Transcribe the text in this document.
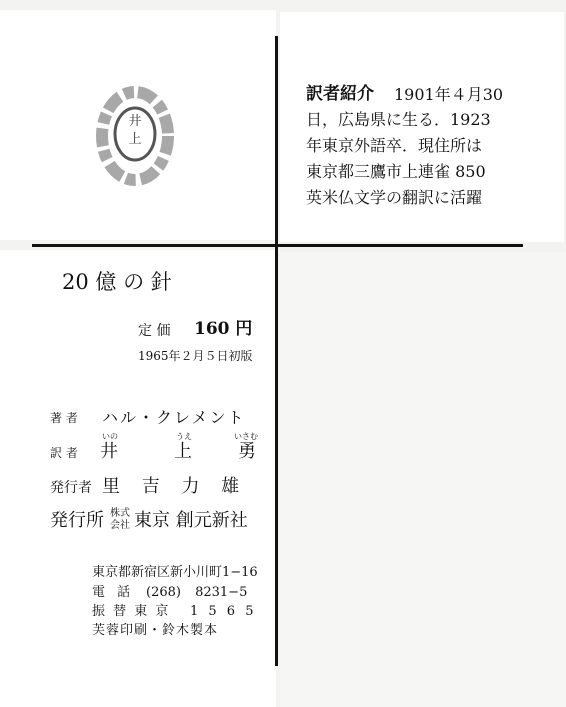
井上
訳者紹介 1901年４月30
日，広島県に生る．1923
年東京外語卒．現住所は
東京都三鷹市上連雀 850
英米仏文学の翻訳に活躍
20 億 の 針
定 価 160 円
1965年２月５日初版
著 者 ハル・クレメント
訳 者
いの
井
うえ
上
いさむ
勇
発行者 里 吉 力 雄
発行所 株式
会社 東京 創元新社
東京都新宿区新小川町1−16
電 話 (268) 8231−5
振 替 東 京 1 5 6 5
芙蓉印刷・鈴木製本
